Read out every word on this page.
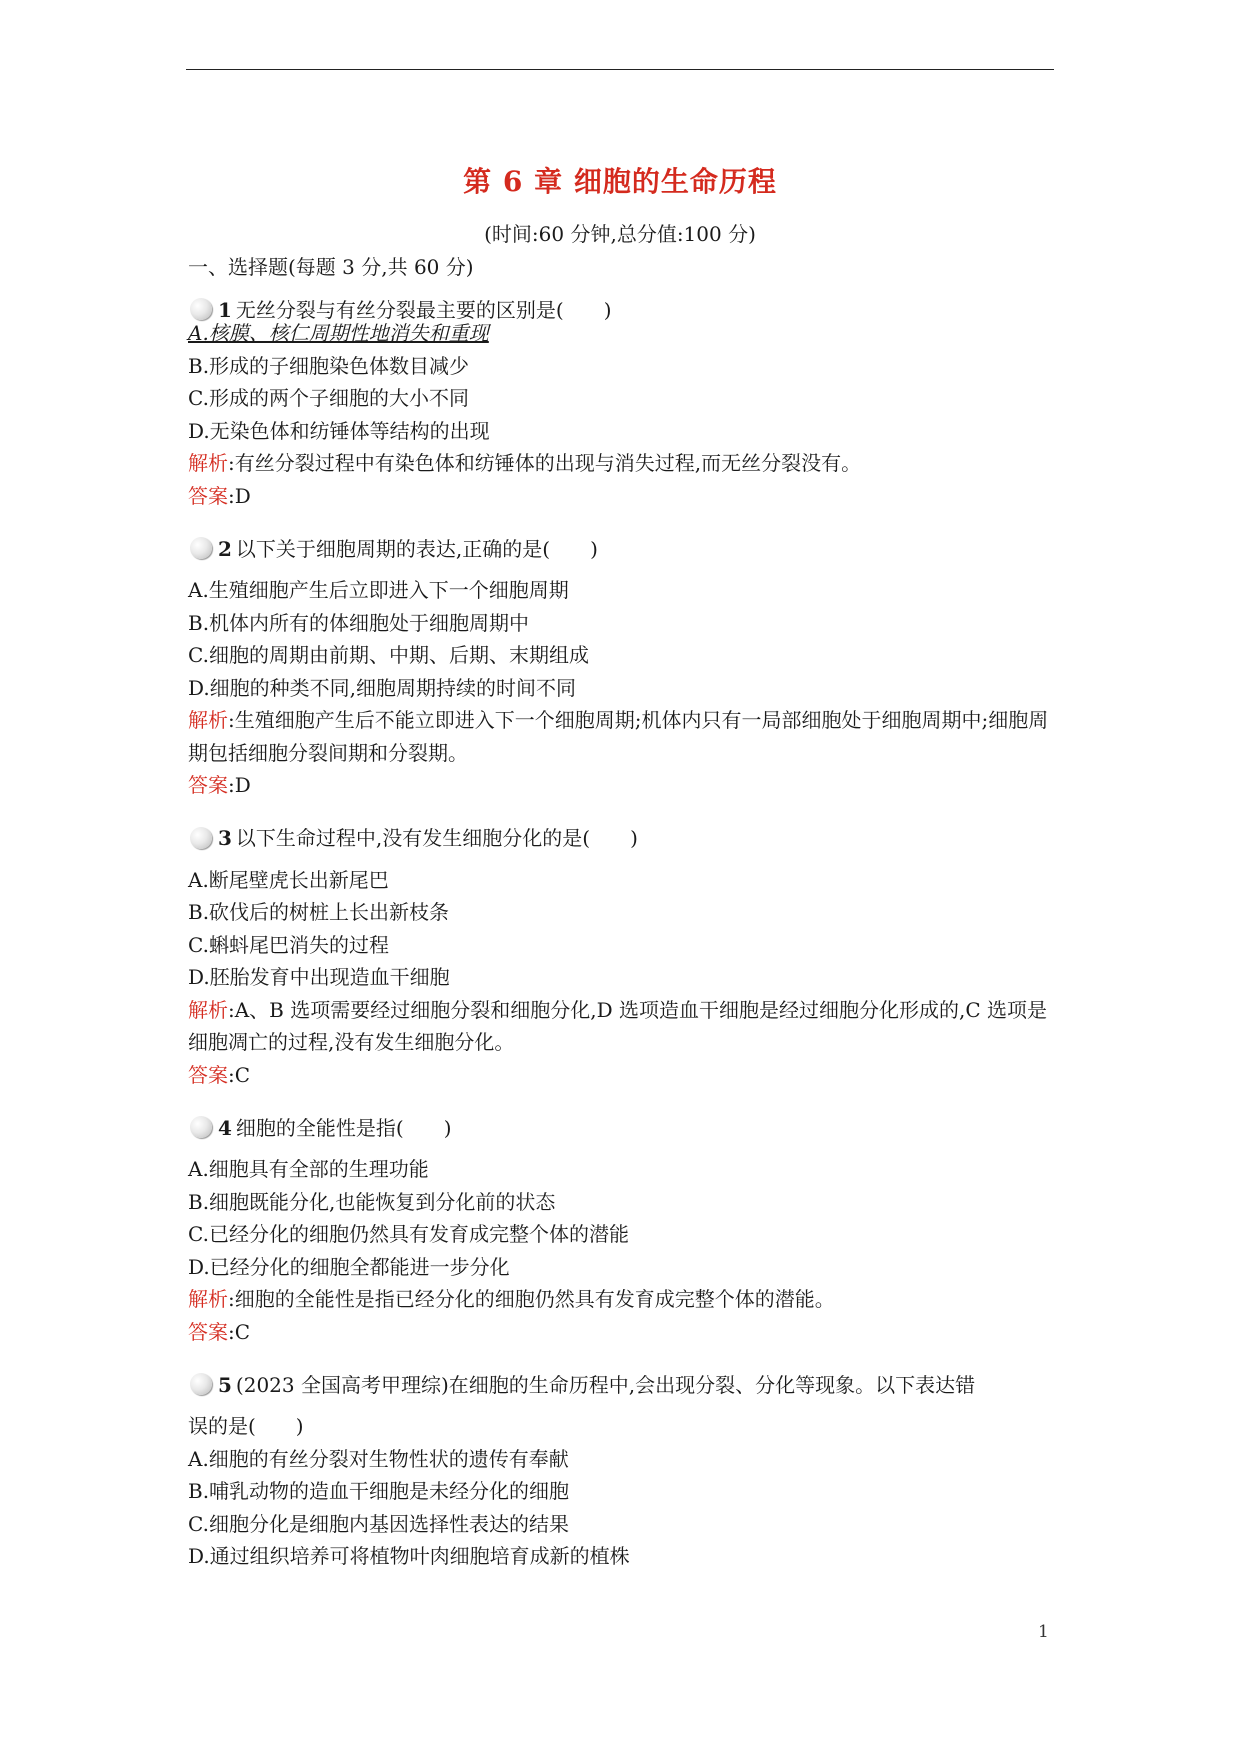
第 6 章 细胞的生命历程
(时间:60 分钟,总分值:100 分)
一、选择题(每题 3 分,共 60 分)
1 无丝分裂与有丝分裂最主要的区别是(　　)
A.核膜、核仁周期性地消失和重现
B.形成的子细胞染色体数目减少
C.形成的两个子细胞的大小不同
D.无染色体和纺锤体等结构的出现
解析:有丝分裂过程中有染色体和纺锤体的出现与消失过程,而无丝分裂没有。
答案:D
2 以下关于细胞周期的表达,正确的是(　　)
A.生殖细胞产生后立即进入下一个细胞周期
B.机体内所有的体细胞处于细胞周期中
C.细胞的周期由前期、中期、后期、末期组成
D.细胞的种类不同,细胞周期持续的时间不同
解析:生殖细胞产生后不能立即进入下一个细胞周期;机体内只有一局部细胞处于细胞周期中;细胞周期包括细胞分裂间期和分裂期。
答案:D
3 以下生命过程中,没有发生细胞分化的是(　　)
A.断尾壁虎长出新尾巴
B.砍伐后的树桩上长出新枝条
C.蝌蚪尾巴消失的过程
D.胚胎发育中出现造血干细胞
解析:A、B 选项需要经过细胞分裂和细胞分化,D 选项造血干细胞是经过细胞分化形成的,C 选项是细胞凋亡的过程,没有发生细胞分化。
答案:C
4 细胞的全能性是指(　　)
A.细胞具有全部的生理功能
B.细胞既能分化,也能恢复到分化前的状态
C.已经分化的细胞仍然具有发育成完整个体的潜能
D.已经分化的细胞全都能进一步分化
解析:细胞的全能性是指已经分化的细胞仍然具有发育成完整个体的潜能。
答案:C
5 (2023 全国高考甲理综)在细胞的生命历程中,会出现分裂、分化等现象。以下表达错
误的是(　　)
A.细胞的有丝分裂对生物性状的遗传有奉献
B.哺乳动物的造血干细胞是未经分化的细胞
C.细胞分化是细胞内基因选择性表达的结果
D.通过组织培养可将植物叶肉细胞培育成新的植株
1
